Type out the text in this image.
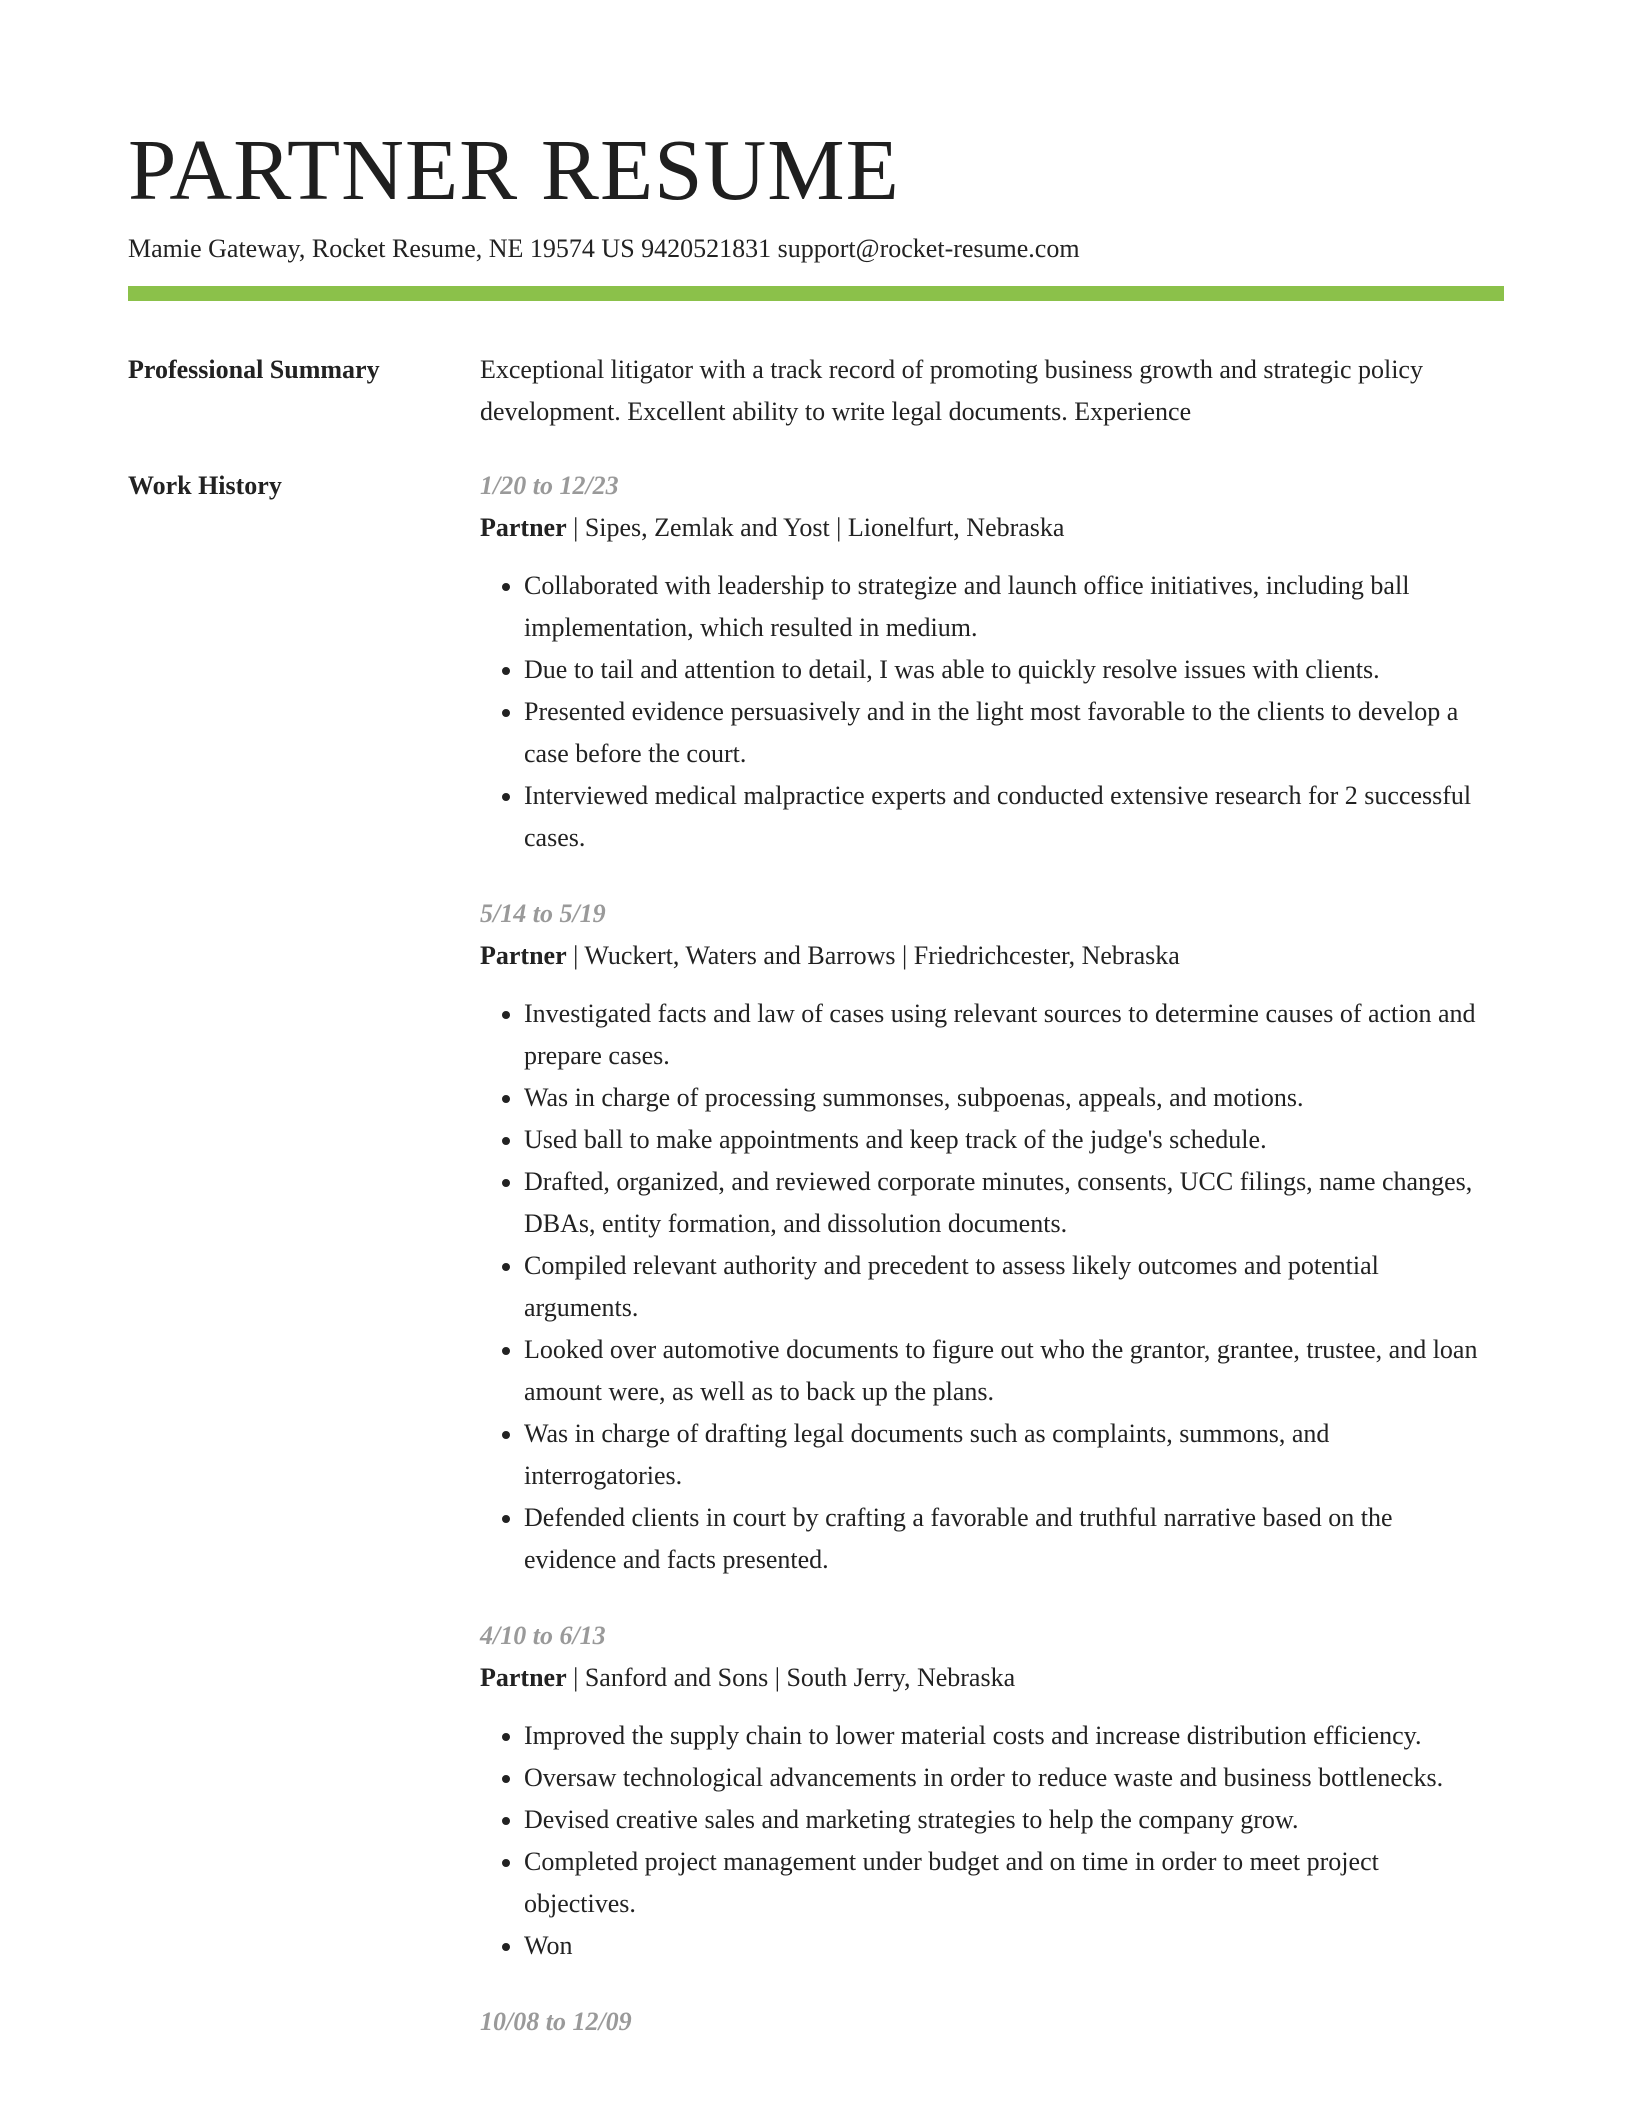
PARTNER RESUME
Mamie Gateway, Rocket Resume, NE 19574 US 9420521831 support@rocket-resume.com
Professional Summary	Exceptional litigator with a track record of promoting business growth and strategic policy development. Excellent ability to write legal documents. Experience

Work History	1/20 to 12/23
Partner | Sipes, Zemlak and Yost | Lionelfurt, Nebraska
• Collaborated with leadership to strategize and launch office initiatives, including ball implementation, which resulted in medium.
• Due to tail and attention to detail, I was able to quickly resolve issues with clients.
• Presented evidence persuasively and in the light most favorable to the clients to develop a case before the court.
• Interviewed medical malpractice experts and conducted extensive research for 2 successful cases.
5/14 to 5/19
Partner | Wuckert, Waters and Barrows | Friedrichcester, Nebraska
• Investigated facts and law of cases using relevant sources to determine causes of action and prepare cases.
• Was in charge of processing summonses, subpoenas, appeals, and motions.
• Used ball to make appointments and keep track of the judge's schedule.
• Drafted, organized, and reviewed corporate minutes, consents, UCC filings, name changes, DBAs, entity formation, and dissolution documents.
• Compiled relevant authority and precedent to assess likely outcomes and potential arguments.
• Looked over automotive documents to figure out who the grantor, grantee, trustee, and loan amount were, as well as to back up the plans.
• Was in charge of drafting legal documents such as complaints, summons, and interrogatories.
• Defended clients in court by crafting a favorable and truthful narrative based on the evidence and facts presented.
4/10 to 6/13
Partner | Sanford and Sons | South Jerry, Nebraska
• Improved the supply chain to lower material costs and increase distribution efficiency.
• Oversaw technological advancements in order to reduce waste and business bottlenecks.
• Devised creative sales and marketing strategies to help the company grow.
• Completed project management under budget and on time in order to meet project objectives.
• Won
10/08 to 12/09
